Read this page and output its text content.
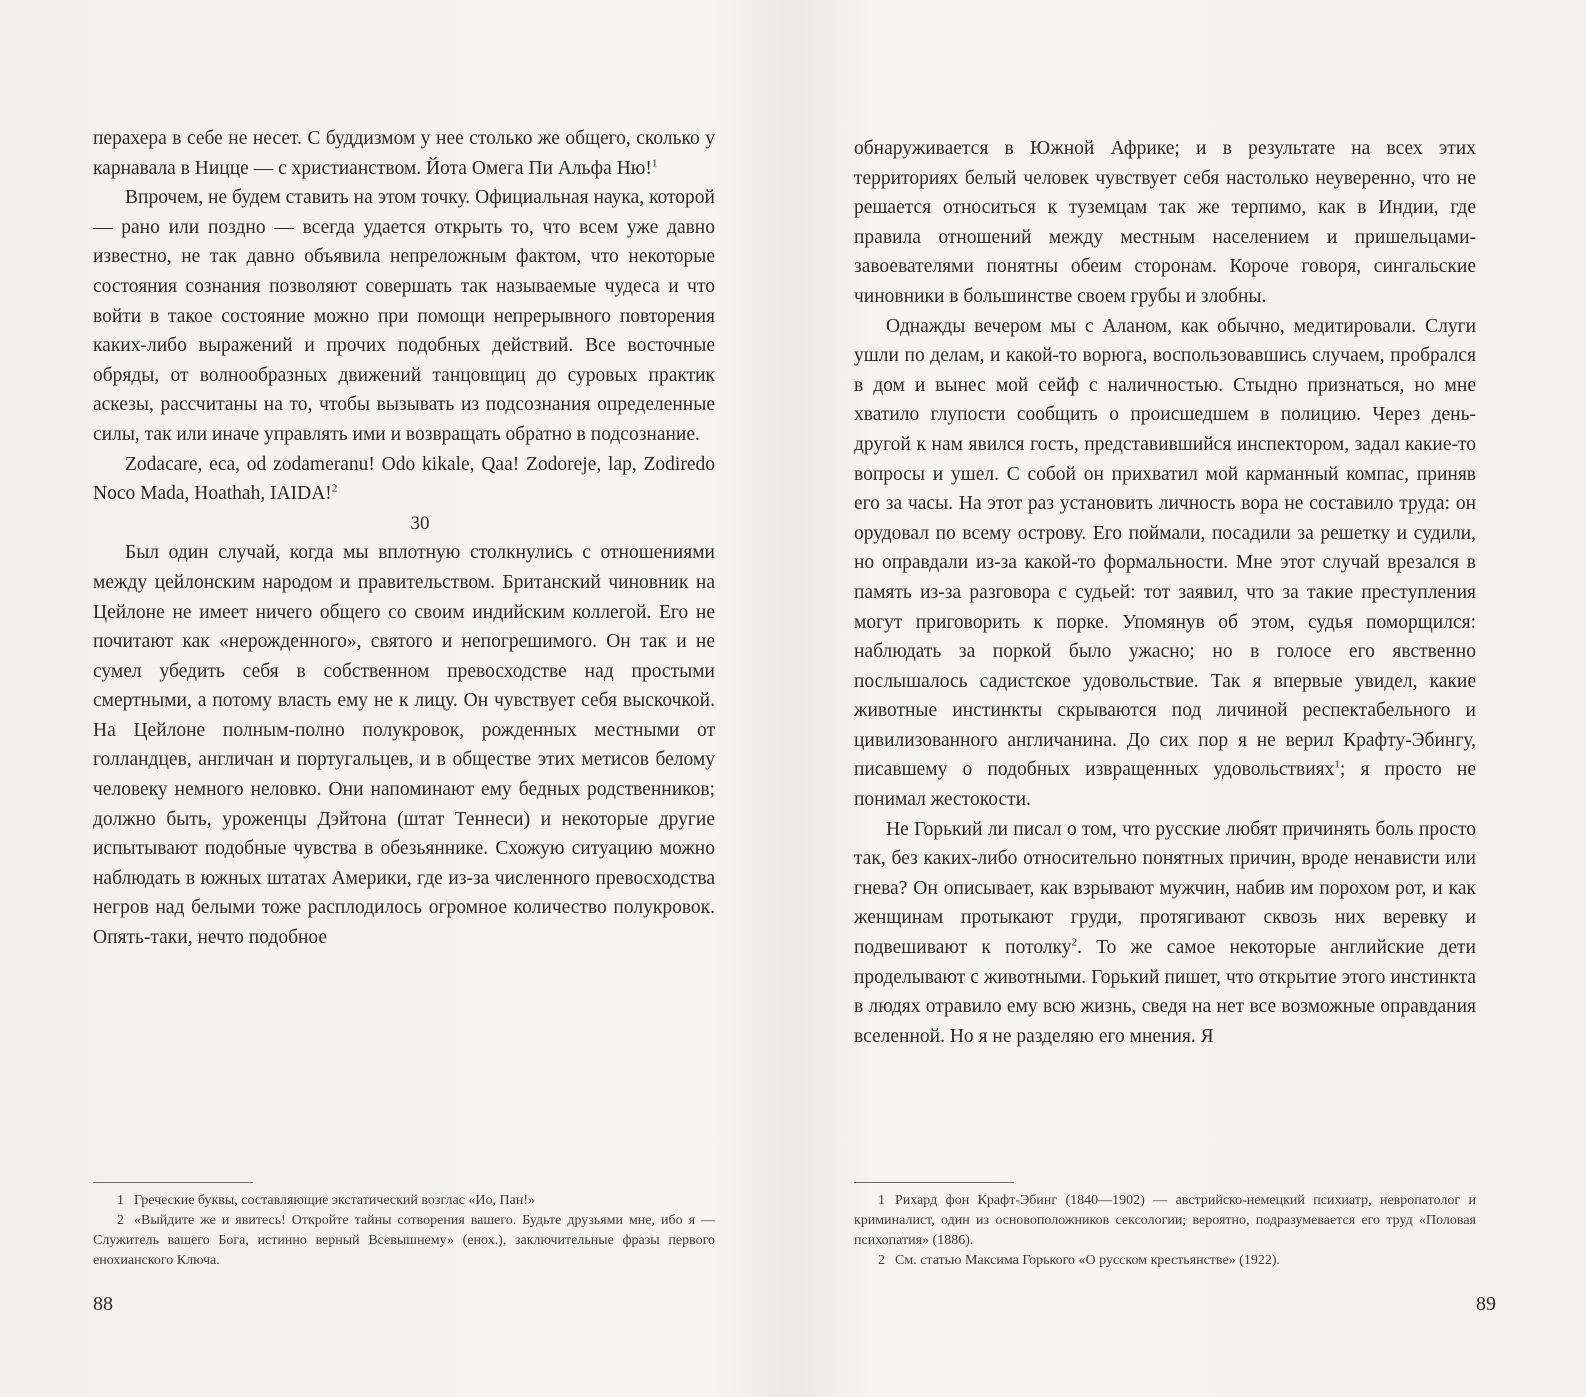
перахера в себе не несет. С буддизмом у нее столько же общего, сколько у карнавала в Ницце — с христианством. Йота Омега Пи Альфа Ню!$^1$

Впрочем, не будем ставить на этом точку. Официальная наука, которой — рано или поздно — всегда удается открыть то, что всем уже давно известно, не так давно объявила непреложным фактом, что некоторые состояния сознания позволяют совершать так называемые чудеса и что войти в такое состояние можно при помощи непрерывного повторения каких-либо выражений и прочих подобных действий. Все восточные обряды, от волнообразных движений танцовщиц до суровых практик аскезы, рассчитаны на то, чтобы вызывать из подсознания определенные силы, так или иначе управлять ими и возвращать обратно в подсознание.

Zodacare, eca, od zodameranu! Odo kikale, Qaa! Zodoreje, lap, Zodiredo Noco Mada, Hoathah, IAIDA!$^2$

30

Был один случай, когда мы вплотную столкнулись с отношениями между цейлонским народом и правительством. Британский чиновник на Цейлоне не имеет ничего общего со своим индийским коллегой. Его не почитают как «нерожденного», святого и непогрешимого. Он так и не сумел убедить себя в собственном превосходстве над простыми смертными, а потому власть ему не к лицу. Он чувствует себя выскочкой. На Цейлоне полным-полно полукровок, рожденных местными от голландцев, англичан и португальцев, и в обществе этих метисов белому человеку немного неловко. Они напоминают ему бедных родственников; должно быть, уроженцы Дэйтона (штат Теннеси) и некоторые другие испытывают подобные чувства в обезьяннике. Схожую ситуацию можно наблюдать в южных штатах Америки, где из-за численного превосходства негров над белыми тоже расплодилось огромное количество полукровок. Опять-таки, нечто подобное

1 Греческие буквы, составляющие экстатический возглас «Ио, Пан!»

2 «Выйдите же и явитесь! Откройте тайны сотворения вашего. Будьте друзьями мне, ибо я — Служитель вашего Бога, истинно верный Всевышнему» (енох.), заключительные фразы первого енохианского Ключа.

88

обнаруживается в Южной Африке; и в результате на всех этих территориях белый человек чувствует себя настолько неуверенно, что не решается относиться к туземцам так же терпимо, как в Индии, где правила отношений между местным населением и пришельцами-завоевателями понятны обеим сторонам. Короче говоря, сингальские чиновники в большинстве своем грубы и злобны.

Однажды вечером мы с Аланом, как обычно, медитировали. Слуги ушли по делам, и какой-то ворюга, воспользовавшись случаем, пробрался в дом и вынес мой сейф с наличностью. Стыдно признаться, но мне хватило глупости сообщить о происшедшем в полицию. Через день-другой к нам явился гость, представившийся инспектором, задал какие-то вопросы и ушел. С собой он прихватил мой карманный компас, приняв его за часы. На этот раз установить личность вора не составило труда: он орудовал по всему острову. Его поймали, посадили за решетку и судили, но оправдали из-за какой-то формальности. Мне этот случай врезался в память из-за разговора с судьей: тот заявил, что за такие преступления могут приговорить к порке. Упомянув об этом, судья поморщился: наблюдать за поркой было ужасно; но в голосе его явственно послышалось садистское удовольствие. Так я впервые увидел, какие животные инстинкты скрываются под личиной респектабельного и цивилизованного англичанина. До сих пор я не верил Крафту-Эбингу, писавшему о подобных извращенных удовольствиях$^1$; я просто не понимал жестокости.

Не Горький ли писал о том, что русские любят причинять боль просто так, без каких-либо относительно понятных причин, вроде ненависти или гнева? Он описывает, как взрывают мужчин, набив им порохом рот, и как женщинам протыкают груди, протягивают сквозь них веревку и подвешивают к потолку$^2$. То же самое некоторые английские дети проделывают с животными. Горький пишет, что открытие этого инстинкта в людях отравило ему всю жизнь, сведя на нет все возможные оправдания вселенной. Но я не разделяю его мнения. Я

1 Рихард фон Крафт-Эбинг (1840—1902) — австрийско-немецкий психиатр, невропатолог и криминалист, один из основоположников сексологии; вероятно, подразумевается его труд «Половая психопатия» (1886).

2 См. статью Максима Горького «О русском крестьянстве» (1922).

89
